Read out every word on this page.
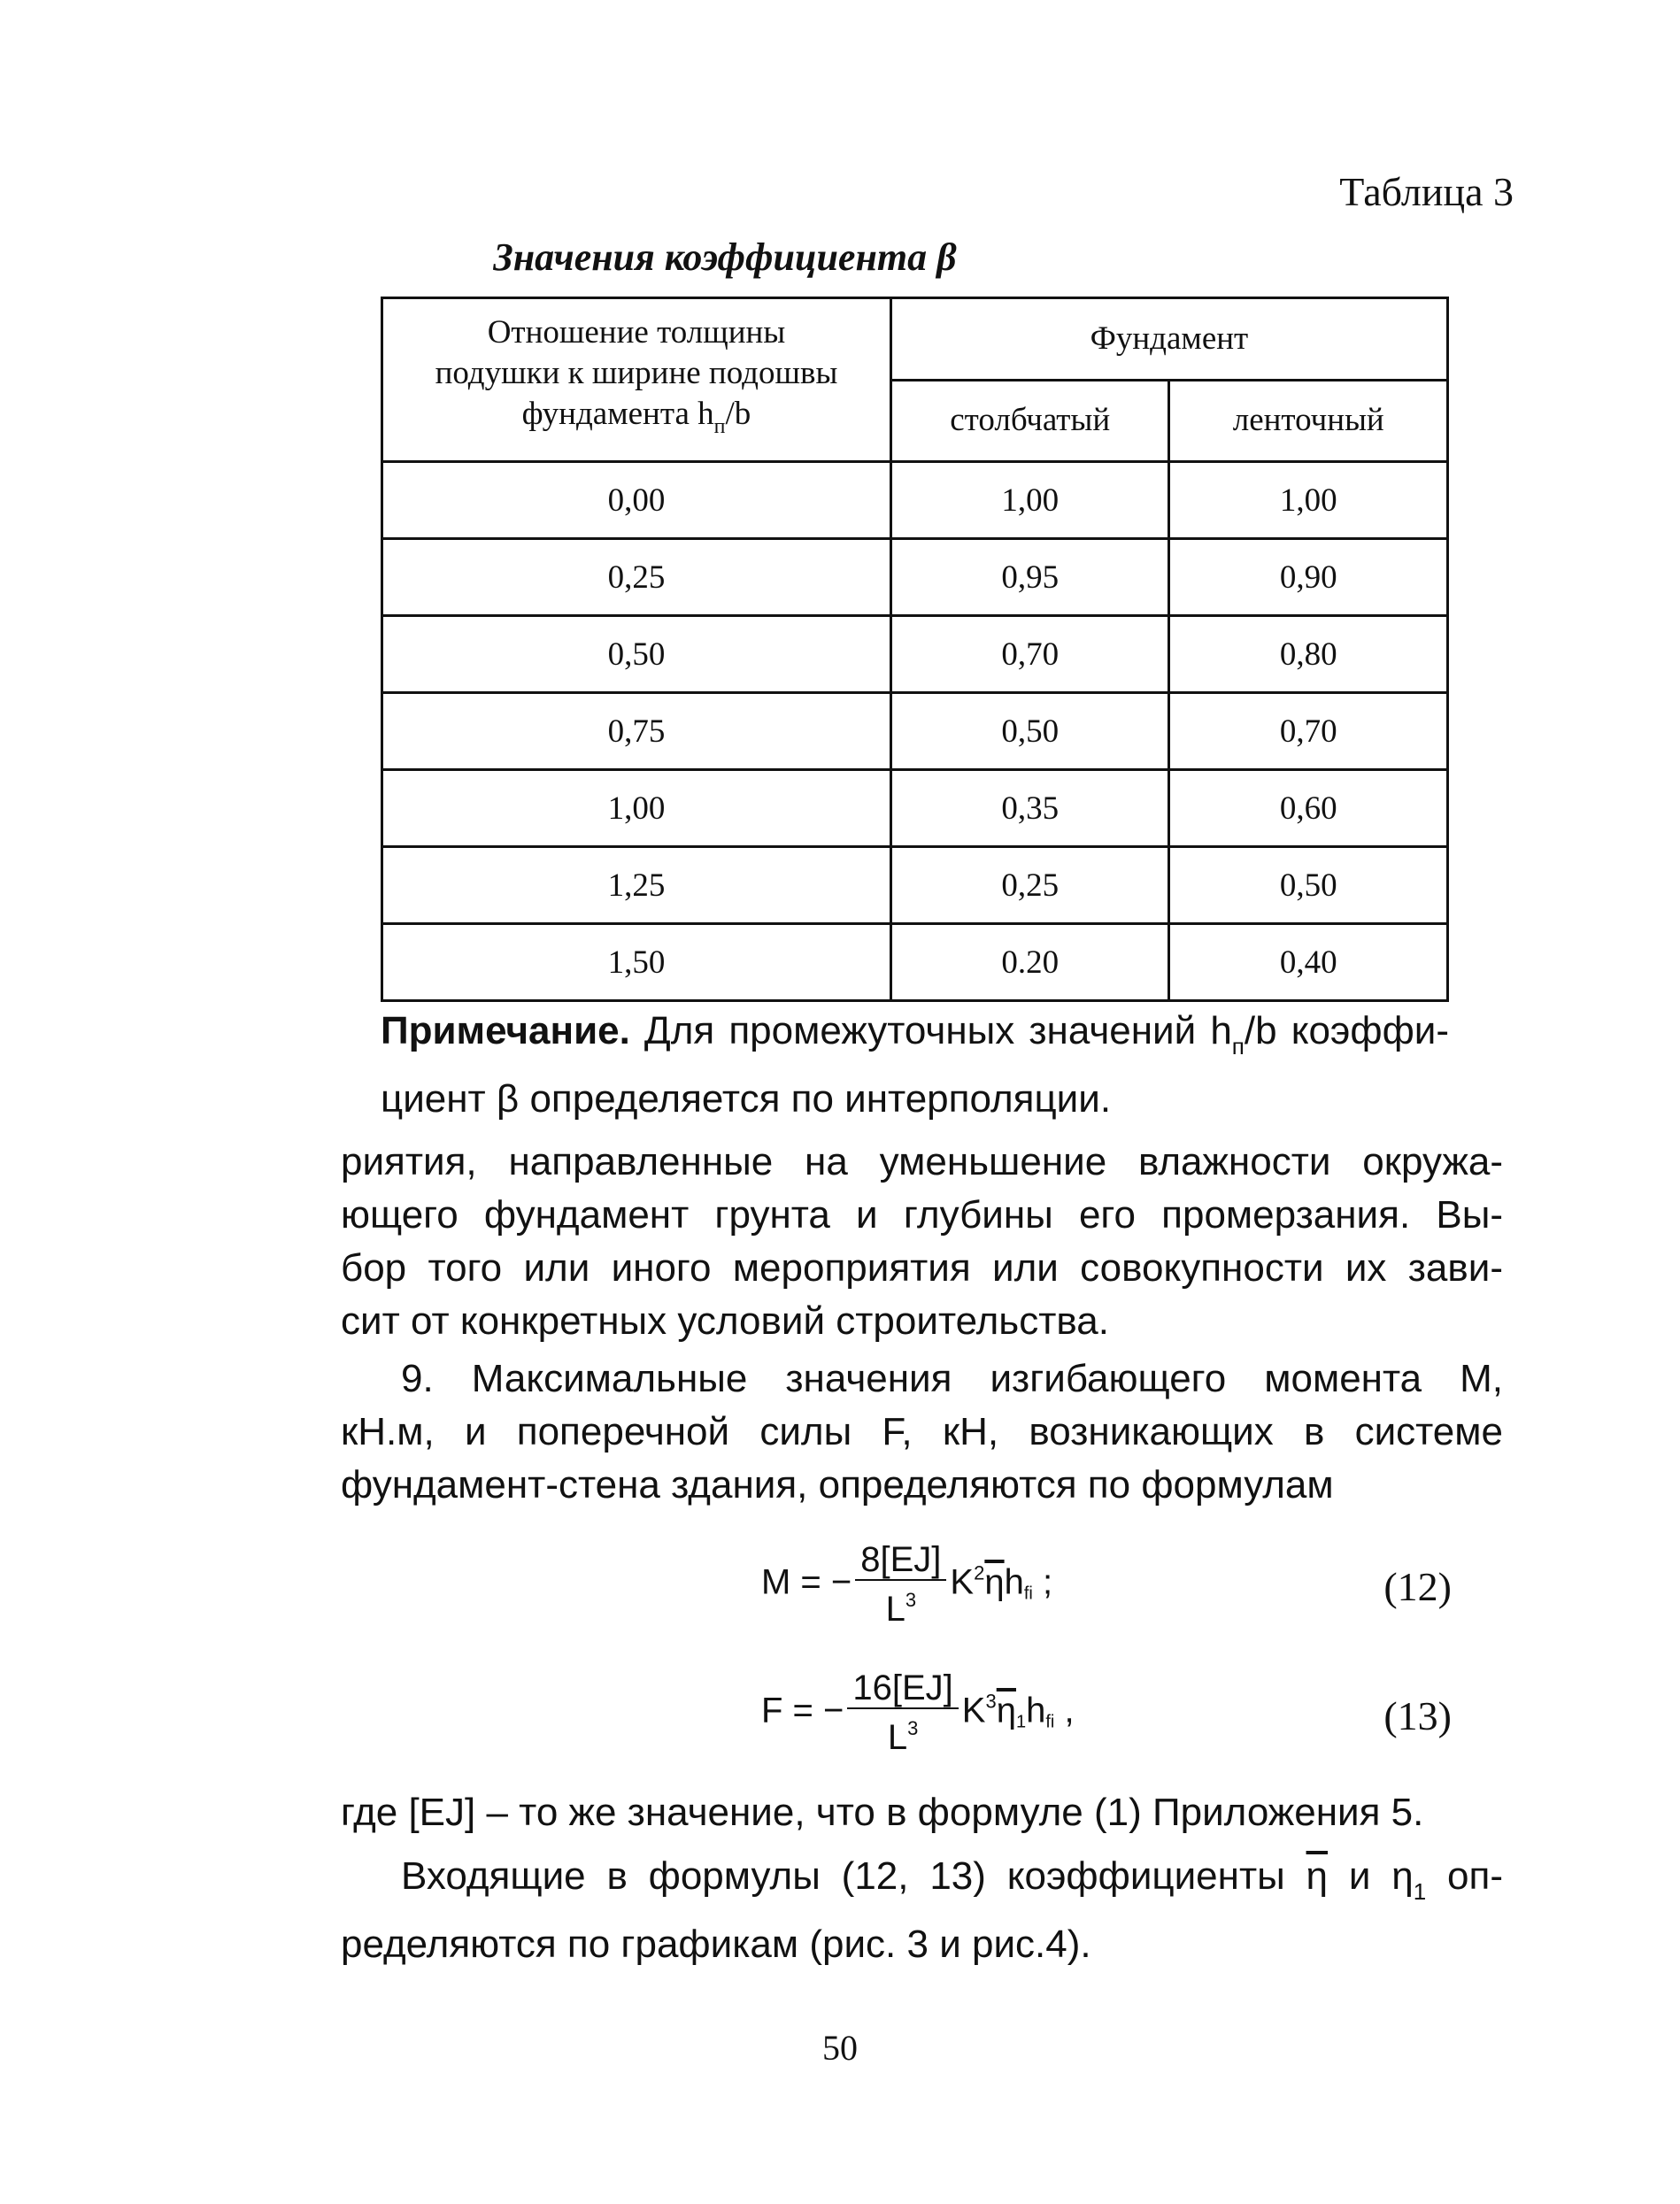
Таблица 3
Значения коэффициента β
Отношение толщины
подушки к ширине подошвы
фундамента $h_п/b$	Фундамент	
	столбчатый	ленточный
0,00	1,00	1,00
0,25	0,95	0,90
0,50	0,70	0,80
0,75	0,50	0,70
1,00	0,35	0,60
1,25	0,25	0,50
1,50	0.20	0,40
Примечание. Для промежуточных значений $h_п/b$ коэффи-
циент β определяется по интерполяции.
риятия, направленные на уменьшение влажности окружа-
ющего фундамент грунта и глубины его промерзания. Вы-
бор того или иного мероприятия или совокупности их зави-
сит от конкретных условий строительства.
9. Максимальные значения изгибающего момента М,
кН.м, и поперечной силы F, кН, возникающих в системе
фундамент-стена здания, определяются по формулам
M = − $\frac{8[EJ]}{L^3} K^2\overline{\eta}h_{fi}$ ;	(12)
F = − $\frac{16[EJ]}{L^3} K^3\overline{\eta}_1h_{fi}$ ,	(13)
где [EJ] – то же значение, что в формуле (1) Приложения 5.
Входящие в формулы (12, 13) коэффициенты $\overline{\eta}$ и $\eta_1$ оп-
ределяются по графикам (рис. 3 и рис.4).
50
